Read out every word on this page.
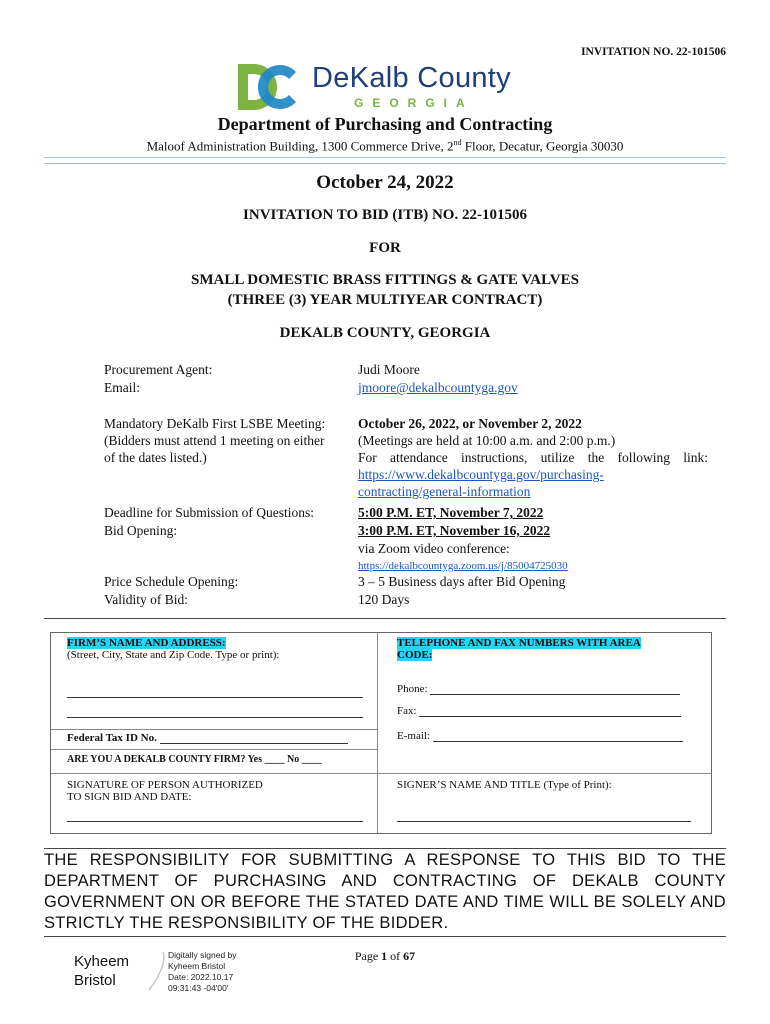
INVITATION NO. 22-101506
DeKalb County
GEORGIA
Department of Purchasing and Contracting
Maloof Administration Building, 1300 Commerce Drive, 2nd Floor, Decatur, Georgia 30030
October 24, 2022
INVITATION TO BID (ITB) NO. 22-101506
FOR
SMALL DOMESTIC BRASS FITTINGS & GATE VALVES
(THREE (3) YEAR MULTIYEAR CONTRACT)
DEKALB COUNTY, GEORGIA
Procurement Agent:	Judi Moore
Email:	jmoore@dekalbcountyga.gov
Mandatory DeKalb First LSBE Meeting:
(Bidders must attend 1 meeting on either
of the dates listed.)
October 26, 2022, or November 2, 2022
(Meetings are held at 10:00 a.m. and 2:00 p.m.)
For attendance instructions, utilize the following link:
https://www.dekalbcountyga.gov/purchasing-
contracting/general-information
Deadline for Submission of Questions:	5:00 P.M. ET, November 7, 2022
Bid Opening:	3:00 P.M. ET, November 16, 2022
via Zoom video conference:
https://dekalbcountyga.zoom.us/j/85004725030
Price Schedule Opening:	3 – 5 Business days after Bid Opening
Validity of Bid:	120 Days
FIRM’S NAME AND ADDRESS:
(Street, City, State and Zip Code. Type or print):
Federal Tax ID No.
ARE YOU A DEKALB COUNTY FIRM? Yes ____ No ____
TELEPHONE AND FAX NUMBERS WITH AREA
CODE:
Phone:
Fax:
E-mail:
SIGNATURE OF PERSON AUTHORIZED
TO SIGN BID AND DATE:
SIGNER’S NAME AND TITLE (Type of Print):
THE RESPONSIBILITY FOR SUBMITTING A RESPONSE TO THIS BID TO THE DEPARTMENT OF PURCHASING AND CONTRACTING OF DEKALB COUNTY GOVERNMENT ON OR BEFORE THE STATED DATE AND TIME WILL BE SOLELY AND STRICTLY THE RESPONSIBILITY OF THE BIDDER.
Kyheem
Bristol
Digitally signed by
Kyheem Bristol
Date: 2022.10.17
09:31:43 -04'00'
Page 1 of 67
